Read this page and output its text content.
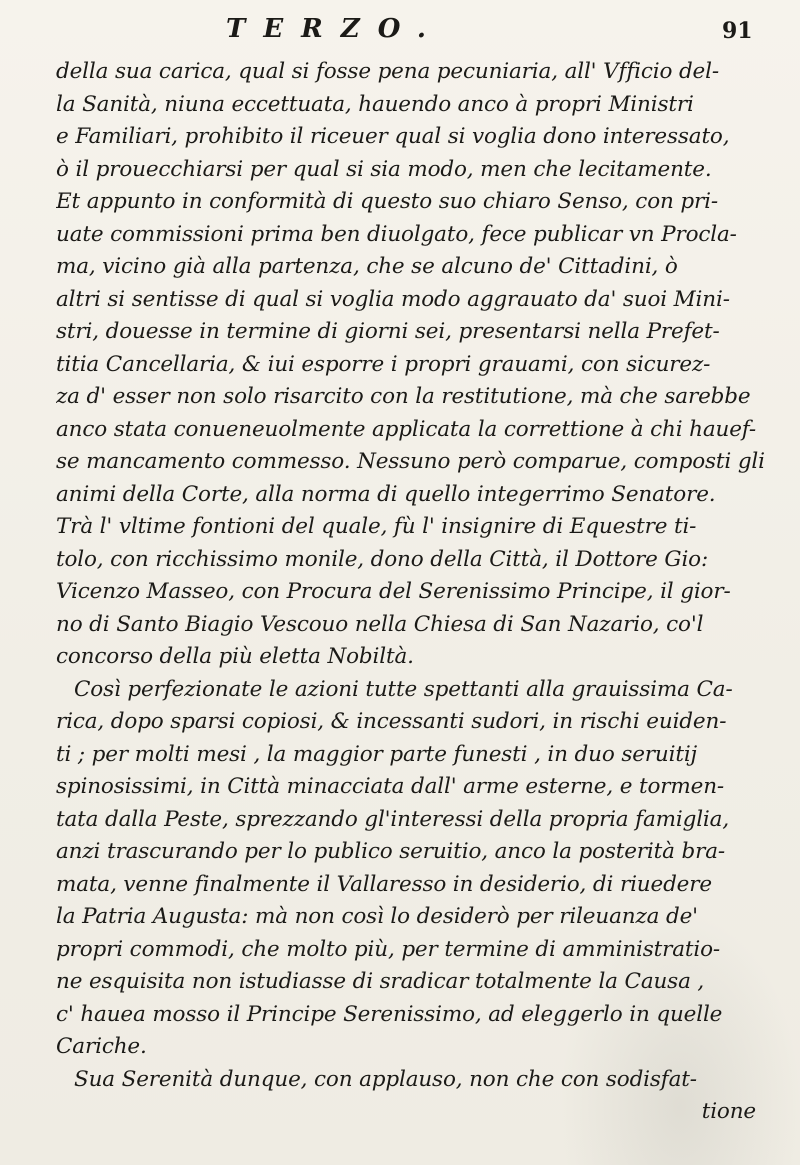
TERZO.	91
della sua carica, qual si fosse pena pecuniaria, all' Vfficio del-
la Sanità, niuna eccettuata, hauendo anco à propri Ministri
e Familiari, prohibito il riceuer qual si voglia dono interessato,
ò il prouecchiarsi per qual si sia modo, men che lecitamente.
Et appunto in conformità di questo suo chiaro Senso, con pri-
uate commissioni prima ben diuolgato, fece publicar vn Procla-
ma, vicino già alla partenza, che se alcuno de' Cittadini, ò
altri si sentisse di qual si voglia modo aggrauato da' suoi Mini-
stri, douesse in termine di giorni sei, presentarsi nella Prefet-
titia Cancellaria, & iui esporre i propri grauami, con sicurez-
za d' esser non solo risarcito con la restitutione, mà che sarebbe
anco stata conueneuolmente applicata la correttione à chi hauef-
se mancamento commesso. Nessuno però comparue, composti gli
animi della Corte, alla norma di quello integerrimo Senatore.
Trà l' vltime fontioni del quale, fù l' insignire di Equestre ti-
tolo, con ricchissimo monile, dono della Città, il Dottore Gio:
Vicenzo Masseo, con Procura del Serenissimo Principe, il gior-
no di Santo Biagio Vescouo nella Chiesa di San Nazario, co'l
concorso della più eletta Nobiltà.
Così perfezionate le azioni tutte spettanti alla grauissima Ca-
rica, dopo sparsi copiosi, & incessanti sudori, in rischi euiden-
ti ; per molti mesi , la maggior parte funesti , in duo seruitij
spinosissimi, in Città minacciata dall' arme esterne, e tormen-
tata dalla Peste, sprezzando gl'interessi della propria famiglia,
anzi trascurando per lo publico seruitio, anco la posterità bra-
mata, venne finalmente il Vallaresso in desiderio, di riuedere
la Patria Augusta: mà non così lo desiderò per rileuanza de'
propri commodi, che molto più, per termine di amministratio-
ne esquisita non istudiasse di sradicar totalmente la Causa ,
c' hauea mosso il Principe Serenissimo, ad eleggerlo in quelle
Cariche.
Sua Serenità dunque, con applauso, non che con sodisfat-
tione
